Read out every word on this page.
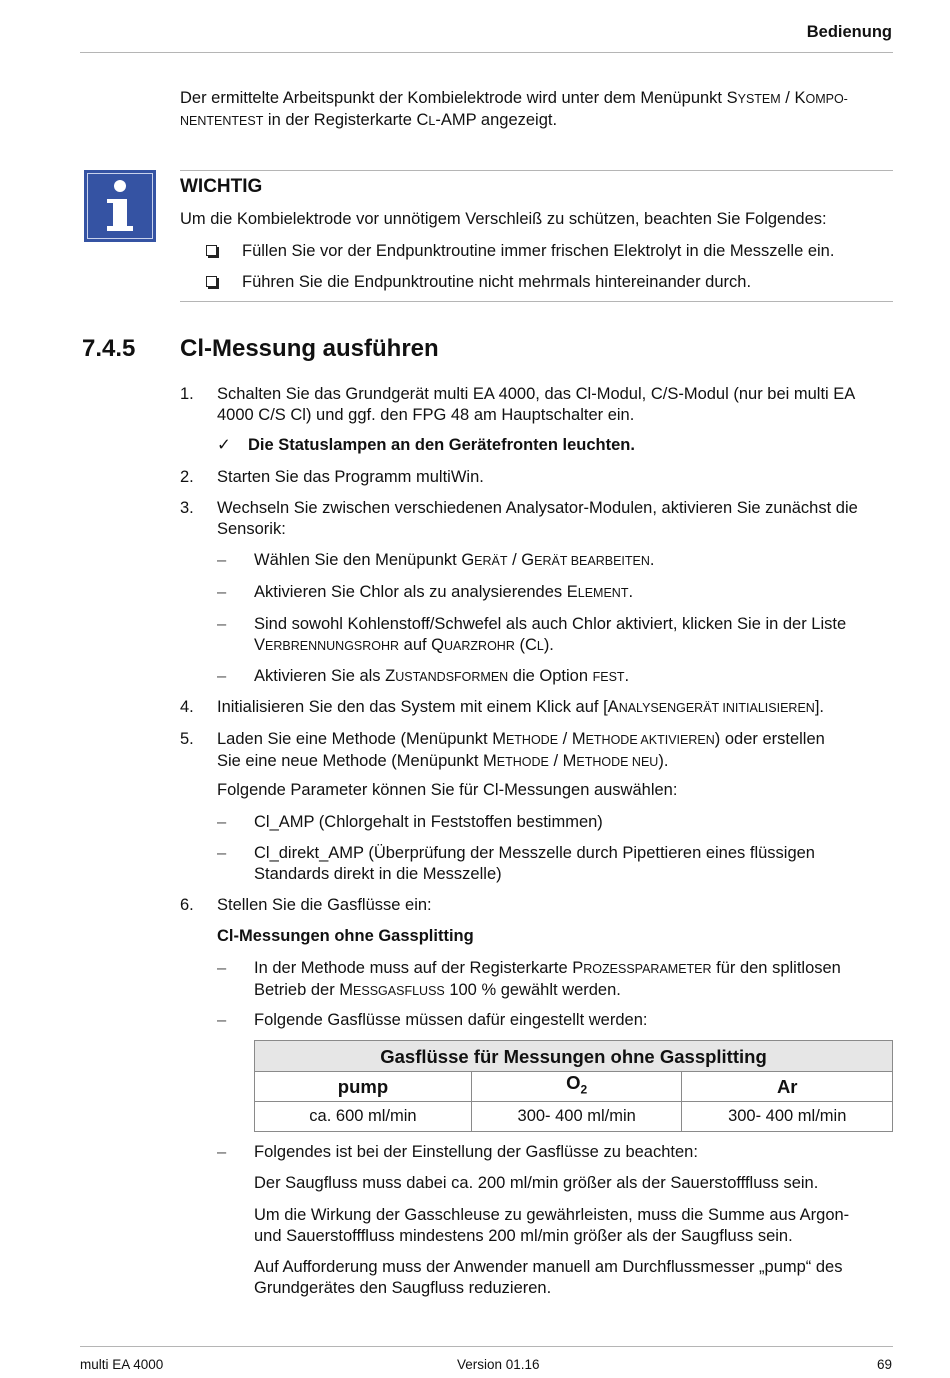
Bedienung
Der ermittelte Arbeitspunkt der Kombielektrode wird unter dem Menüpunkt SYSTEM / KOMPO-
NENTENTEST in der Registerkarte CL-AMP angezeigt.
WICHTIG
Um die Kombielektrode vor unnötigem Verschleiß zu schützen, beachten Sie Folgendes:
Füllen Sie vor der Endpunktroutine immer frischen Elektrolyt in die Messzelle ein.
Führen Sie die Endpunktroutine nicht mehrmals hintereinander durch.
7.4.5 Cl-Messung ausführen
1. Schalten Sie das Grundgerät multi EA 4000, das Cl-Modul, C/S-Modul (nur bei multi EA
4000 C/S Cl) und ggf. den FPG 48 am Hauptschalter ein.
✓ Die Statuslampen an den Gerätefronten leuchten.
2. Starten Sie das Programm multiWin.
3. Wechseln Sie zwischen verschiedenen Analysator-Modulen, aktivieren Sie zunächst die
Sensorik:
– Wählen Sie den Menüpunkt GERÄT / GERÄT BEARBEITEN.
– Aktivieren Sie Chlor als zu analysierendes ELEMENT.
– Sind sowohl Kohlenstoff/Schwefel als auch Chlor aktiviert, klicken Sie in der Liste
VERBRENNUNGSROHR auf QUARZROHR (CL).
– Aktivieren Sie als ZUSTANDSFORMEN die Option FEST.
4. Initialisieren Sie den das System mit einem Klick auf [ANALYSENGERÄT INITIALISIEREN].
5. Laden Sie eine Methode (Menüpunkt METHODE / METHODE AKTIVIEREN) oder erstellen
Sie eine neue Methode (Menüpunkt METHODE / METHODE NEU).
Folgende Parameter können Sie für Cl-Messungen auswählen:
– Cl_AMP (Chlorgehalt in Feststoffen bestimmen)
– Cl_direkt_AMP (Überprüfung der Messzelle durch Pipettieren eines flüssigen
Standards direkt in die Messzelle)
6. Stellen Sie die Gasflüsse ein:
Cl-Messungen ohne Gassplitting
– In der Methode muss auf der Registerkarte PROZESSPARAMETER für den splitlosen
Betrieb der MESSGASFLUSS 100 % gewählt werden.
– Folgende Gasflüsse müssen dafür eingestellt werden:
Gasflüsse für Messungen ohne Gassplitting		
pump	$O_2$	Ar
ca. 600 ml/min	300- 400 ml/min	300- 400 ml/min
– Folgendes ist bei der Einstellung der Gasflüsse zu beachten:
Der Saugfluss muss dabei ca. 200 ml/min größer als der Sauerstofffluss sein.
Um die Wirkung der Gasschleuse zu gewährleisten, muss die Summe aus Argon-
und Sauerstofffluss mindestens 200 ml/min größer als der Saugfluss sein.
Auf Aufforderung muss der Anwender manuell am Durchflussmesser „pump“ des
Grundgerätes den Saugfluss reduzieren.
multi EA 4000	Version 01.16	69
